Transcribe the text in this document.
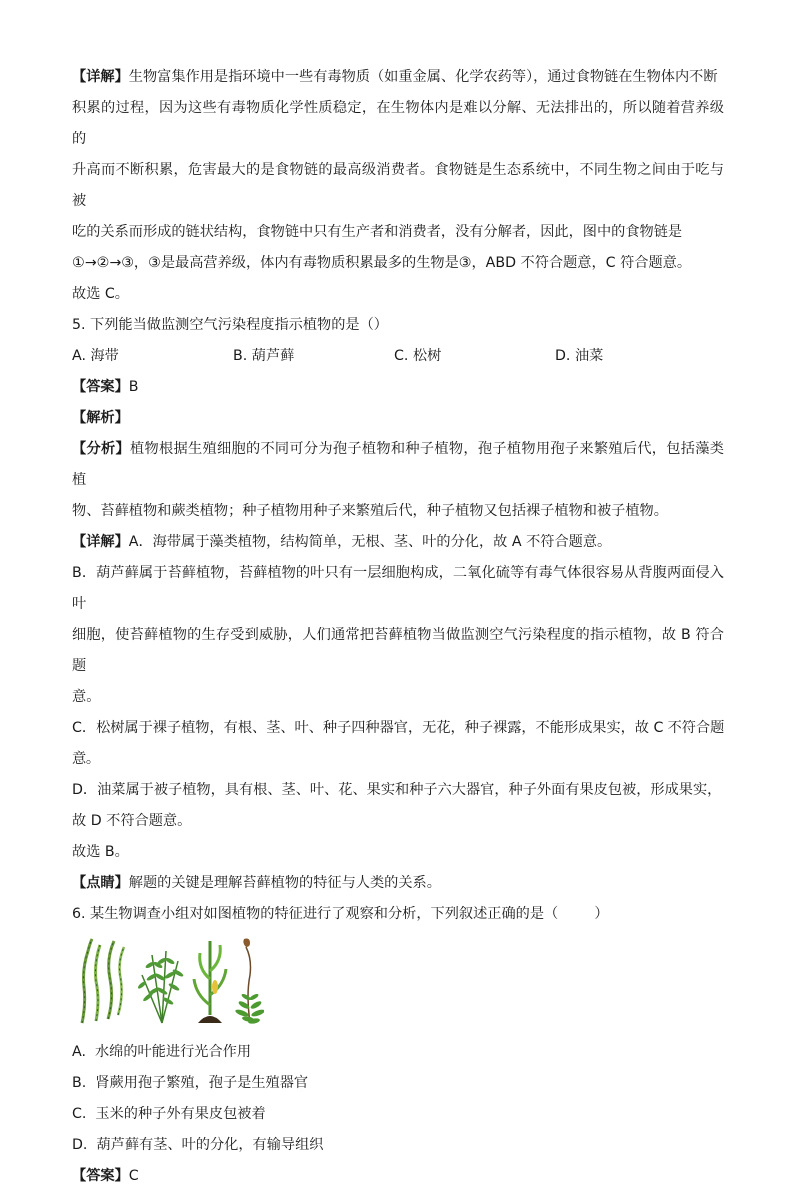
【详解】生物富集作用是指环境中一些有毒物质（如重金属、化学农药等），通过食物链在生物体内不断

积累的过程，因为这些有毒物质化学性质稳定，在生物体内是难以分解、无法排出的，所以随着营养级的

升高而不断积累，危害最大的是食物链的最高级消费者。食物链是生态系统中，不同生物之间由于吃与被

吃的关系而形成的链状结构，食物链中只有生产者和消费者，没有分解者，因此，图中的食物链是

①→②→③，③是最高营养级，体内有毒物质积累最多的生物是③，ABD 不符合题意，C 符合题意。

故选 C。

5. 下列能当做监测空气污染程度指示植物的是（）

A. 海带	B. 葫芦藓	C. 松树	D. 油菜

【答案】B

【解析】

【分析】植物根据生殖细胞的不同可分为孢子植物和种子植物，孢子植物用孢子来繁殖后代，包括藻类植

物、苔藓植物和蕨类植物；种子植物用种子来繁殖后代，种子植物又包括裸子植物和被子植物。

【详解】A．海带属于藻类植物，结构简单，无根、茎、叶的分化，故 A 不符合题意。

B．葫芦藓属于苔藓植物，苔藓植物的叶只有一层细胞构成，二氧化硫等有毒气体很容易从背腹两面侵入叶

细胞，使苔藓植物的生存受到威胁，人们通常把苔藓植物当做监测空气污染程度的指示植物，故 B 符合题

意。

C．松树属于裸子植物，有根、茎、叶、种子四种器官，无花，种子裸露，不能形成果实，故 C 不符合题意。

D．油菜属于被子植物，具有根、茎、叶、花、果实和种子六大器官，种子外面有果皮包被，形成果实，

故 D 不符合题意。

故选 B。

【点睛】解题的关键是理解苔藓植物的特征与人类的关系。

6. 某生物调查小组对如图植物的特征进行了观察和分析，下列叙述正确的是（        ）

A.  水绵的叶能进行光合作用

B.  肾蕨用孢子繁殖，孢子是生殖器官

C.  玉米的种子外有果皮包被着

D.  葫芦藓有茎、叶的分化，有输导组织

【答案】C
